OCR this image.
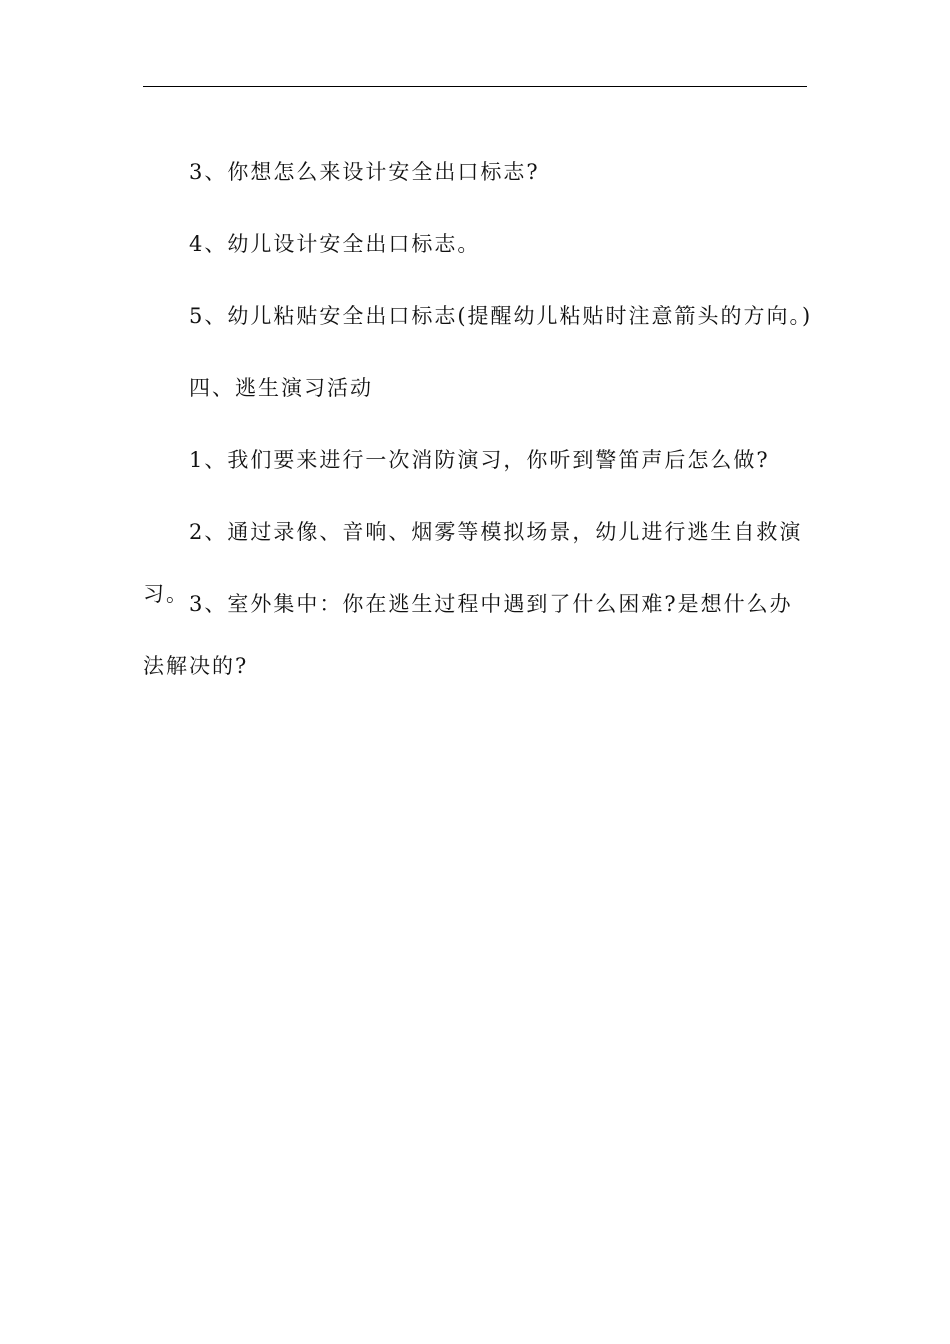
3、你想怎么来设计安全出口标志?

4、幼儿设计安全出口标志。

5、幼儿粘贴安全出口标志(提醒幼儿粘贴时注意箭头的方向。)

四、逃生演习活动

1、我们要来进行一次消防演习，你听到警笛声后怎么做?

2、通过录像、音响、烟雾等模拟场景，幼儿进行逃生自救演习。 3、室外集中：你在逃生过程中遇到了什么困难?是想什么办法解决的?
